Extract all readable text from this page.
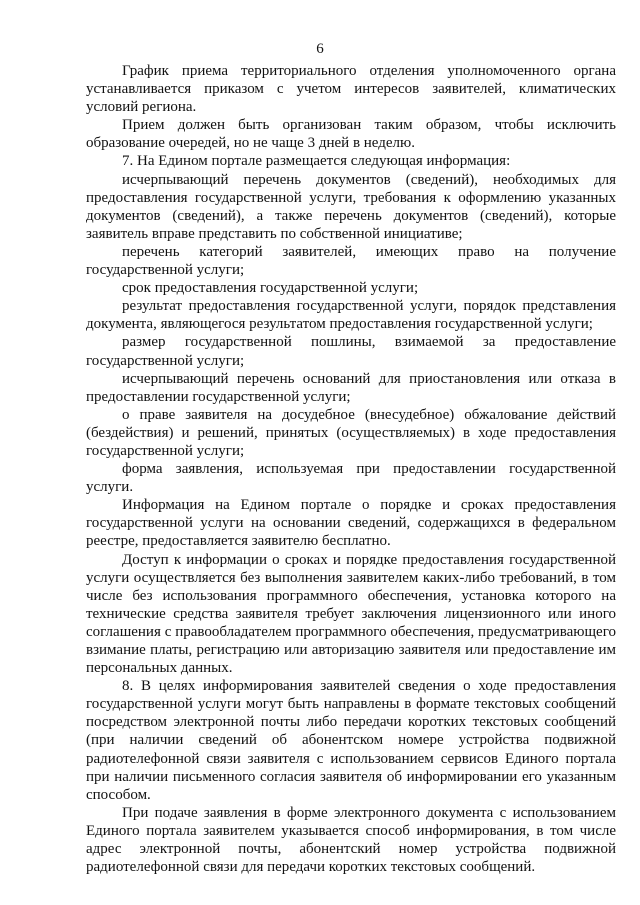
6

График приема территориального отделения уполномоченного органа устанавливается приказом с учетом интересов заявителей, климатических условий региона.

Прием должен быть организован таким образом, чтобы исключить образование очередей, но не чаще 3 дней в неделю.

7. На Едином портале размещается следующая информация:

исчерпывающий перечень документов (сведений), необходимых для предоставления государственной услуги, требования к оформлению указанных документов (сведений), а также перечень документов (сведений), которые заявитель вправе представить по собственной инициативе;

перечень категорий заявителей, имеющих право на получение государственной услуги;

срок предоставления государственной услуги;

результат предоставления государственной услуги, порядок представления документа, являющегося результатом предоставления государственной услуги;

размер государственной пошлины, взимаемой за предоставление государственной услуги;

исчерпывающий перечень оснований для приостановления или отказа в предоставлении государственной услуги;

о праве заявителя на досудебное (внесудебное) обжалование действий (бездействия) и решений, принятых (осуществляемых) в ходе предоставления государственной услуги;

форма заявления, используемая при предоставлении государственной услуги.

Информация на Едином портале о порядке и сроках предоставления государственной услуги на основании сведений, содержащихся в федеральном реестре, предоставляется заявителю бесплатно.

Доступ к информации о сроках и порядке предоставления государственной услуги осуществляется без выполнения заявителем каких-либо требований, в том числе без использования программного обеспечения, установка которого на технические средства заявителя требует заключения лицензионного или иного соглашения с правообладателем программного обеспечения, предусматривающего взимание платы, регистрацию или авторизацию заявителя или предоставление им персональных данных.

8. В целях информирования заявителей сведения о ходе предоставления государственной услуги могут быть направлены в формате текстовых сообщений посредством электронной почты либо передачи коротких текстовых сообщений (при наличии сведений об абонентском номере устройства подвижной радиотелефонной связи заявителя с использованием сервисов Единого портала при наличии письменного согласия заявителя об информировании его указанным способом.

При подаче заявления в форме электронного документа с использованием Единого портала заявителем указывается способ информирования, в том числе адрес электронной почты, абонентский номер устройства подвижной радиотелефонной связи для передачи коротких текстовых сообщений.
